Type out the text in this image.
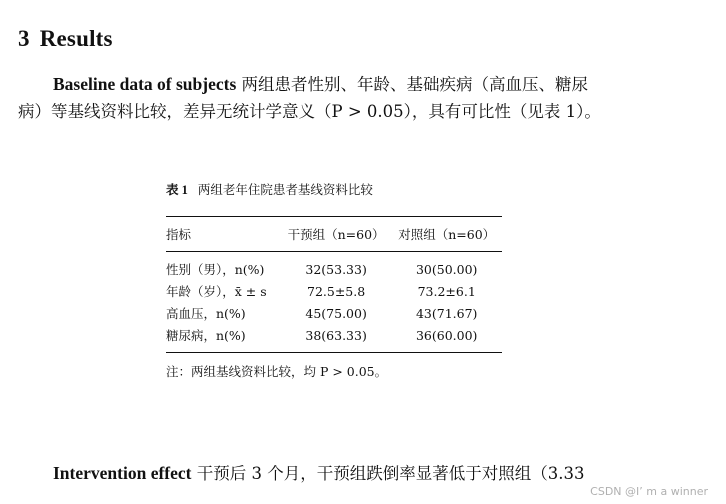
3 Results

Baseline data of subjects 两组患者性别、年龄、基础疾病（高血压、糖尿
病）等基线资料比较，差异无统计学意义（P > 0.05），具有可比性（见表 1）。

表 1 两组老年住院患者基线资料比较

指标	干预组（n=60）	对照组（n=60）
性别（男），n(%)	32(53.33)	30(50.00)
年龄（岁），x̄ ± s	72.5±5.8	73.2±6.1
高血压，n(%)	45(75.00)	43(71.67)
糖尿病，n(%)	38(63.33)	36(60.00)

注：两组基线资料比较，均 P > 0.05。

Intervention effect 干预后 3 个月，干预组跌倒率显著低于对照组（3.33

CSDN @I’ m a winner
